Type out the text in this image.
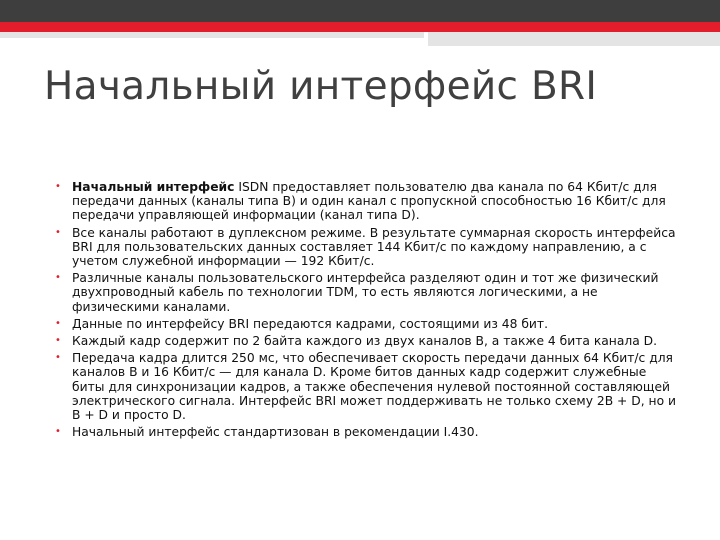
Начальный интерфейс BRI
• Начальный интерфейс ISDN предоставляет пользователю два канала по 64 Кбит/с для передачи данных (каналы типа B) и один канал с пропускной способностью 16 Кбит/с для передачи управляющей информации (канал типа D).
• Все каналы работают в дуплексном режиме. В результате суммарная скорость интерфейса BRI для пользовательских данных составляет 144 Кбит/с по каждому направлению, а с учетом служебной информации — 192 Кбит/с.
• Различные каналы пользовательского интерфейса разделяют один и тот же физический двухпроводный кабель по технологии TDM, то есть являются логическими, а не физическими каналами.
• Данные по интерфейсу BRI передаются кадрами, состоящими из 48 бит.
• Каждый кадр содержит по 2 байта каждого из двух каналов B, а также 4 бита канала D.
• Передача кадра длится 250 мс, что обеспечивает скорость передачи данных 64 Кбит/с для каналов B и 16 Кбит/с — для канала D. Кроме битов данных кадр содержит служебные биты для синхронизации кадров, а также обеспечения нулевой постоянной составляющей электрического сигнала. Интерфейс BRI может поддерживать не только схему 2B + D, но и B + D и просто D.
• Начальный интерфейс стандартизован в рекомендации I.430.
